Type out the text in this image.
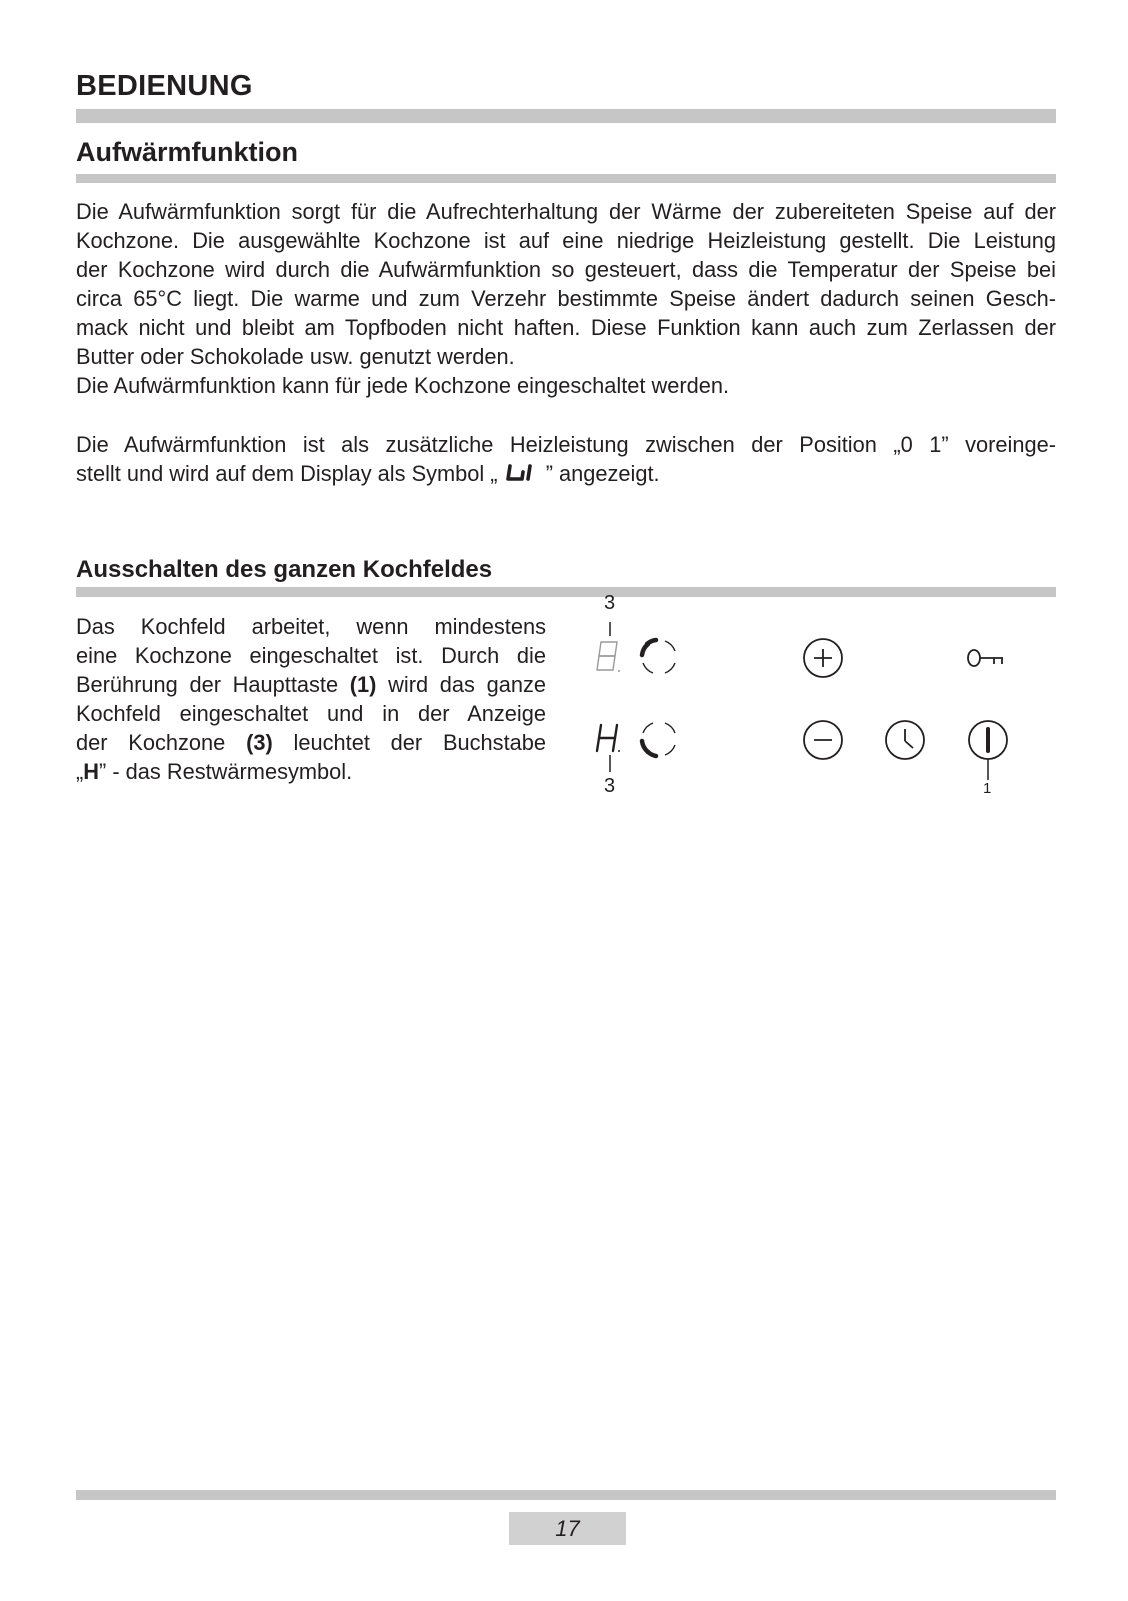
BEDIENUNG
Aufwärmfunktion
Die Aufwärmfunktion sorgt für die Aufrechterhaltung der Wärme der zubereiteten Speise auf der
Kochzone. Die ausgewählte Kochzone ist auf eine niedrige Heizleistung gestellt. Die Leistung
der Kochzone wird durch die Aufwärmfunktion so gesteuert, dass die Temperatur der Speise bei
circa 65°C liegt. Die warme und zum Verzehr bestimmte Speise ändert dadurch seinen Gesch-
mack nicht und bleibt am Topfboden nicht haften. Diese Funktion kann auch zum Zerlassen der
Butter oder Schokolade usw. genutzt werden.
Die Aufwärmfunktion kann für jede Kochzone eingeschaltet werden.
Die Aufwärmfunktion ist als zusätzliche Heizleistung zwischen der Position „0 1” voreinge-
stellt und wird auf dem Display als Symbol „  ” angezeigt.
Ausschalten des ganzen Kochfeldes
Das Kochfeld arbeitet, wenn mindestens
eine Kochzone eingeschaltet ist. Durch die
Berührung der Haupttaste (1) wird das ganze
Kochfeld eingeschaltet und in der Anzeige
der Kochzone (3) leuchtet der Buchstabe
„H” - das Restwärmesymbol.
3
3	1
17
